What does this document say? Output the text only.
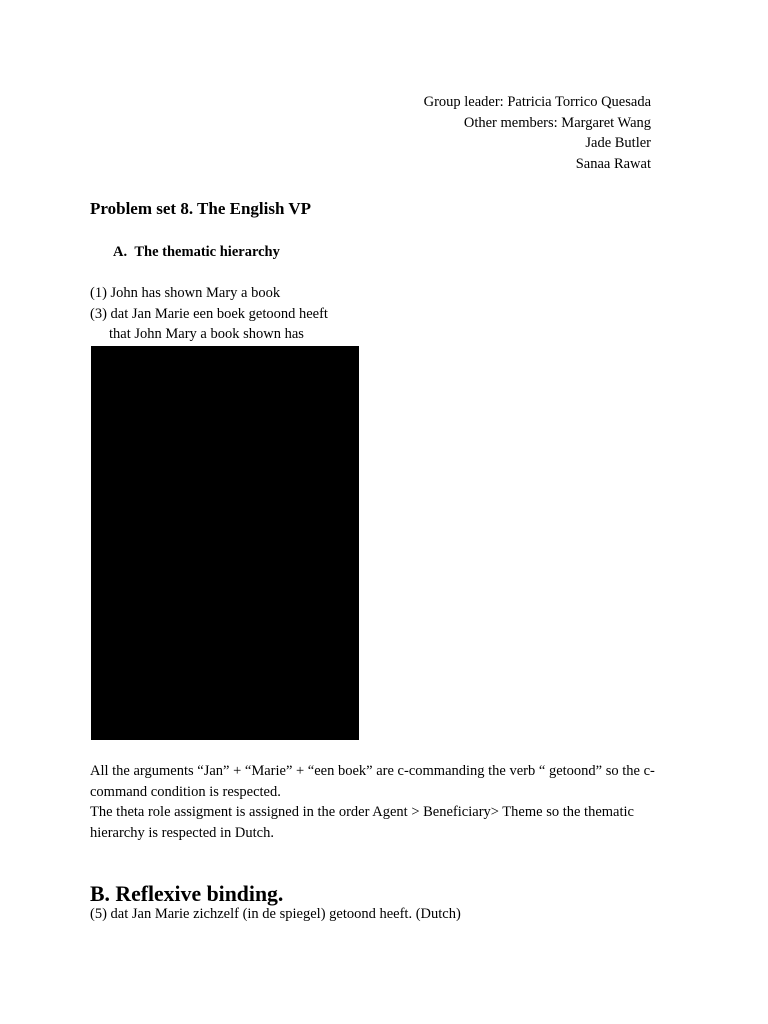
Group leader: Patricia Torrico Quesada
Other members: Margaret Wang
Jade Butler
Sanaa Rawat
Problem set 8. The English VP
A. The thematic hierarchy
(1) John has shown Mary a book
(3) dat Jan Marie een boek getoond heeft
that John Mary a book shown has

All the arguments “Jan” + “Marie” + “een boek” are c-commanding the verb “ getoond” so the c-command condition is respected.

The theta role assigment is assigned in the order Agent > Beneficiary> Theme so the thematic hierarchy is respected in Dutch.

B. Reflexive binding.

(5) dat Jan Marie zichzelf (in de spiegel) getoond heeft. (Dutch)
